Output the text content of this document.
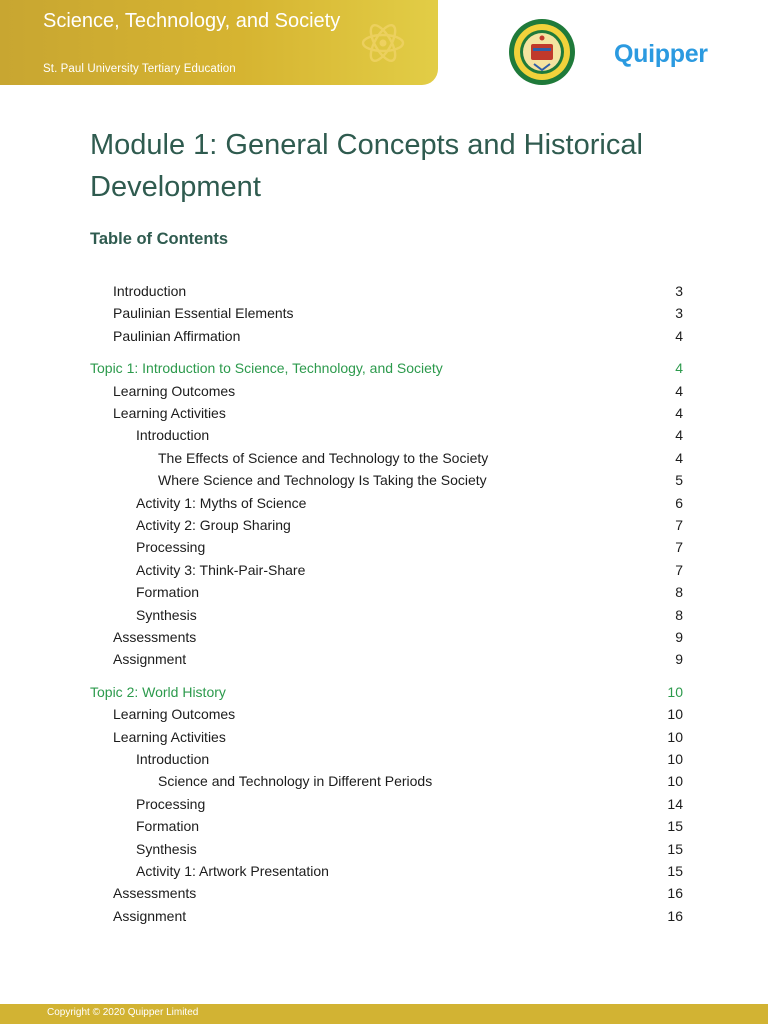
Science, Technology, and Society
St. Paul University Tertiary Education
Quipper
Module 1: General Concepts and Historical Development
Table of Contents
Introduction	3
Paulinian Essential Elements	3
Paulinian Affirmation	4
Topic 1: Introduction to Science, Technology, and Society	4
Learning Outcomes	4
Learning Activities	4
Introduction	4
The Effects of Science and Technology to the Society	4
Where Science and Technology Is Taking the Society	5
Activity 1: Myths of Science	6
Activity 2: Group Sharing	7
Processing	7
Activity 3: Think-Pair-Share	7
Formation	8
Synthesis	8
Assessments	9
Assignment	9
Topic 2: World History	10
Learning Outcomes	10
Learning Activities	10
Introduction	10
Science and Technology in Different Periods	10
Processing	14
Formation	15
Synthesis	15
Activity 1: Artwork Presentation	15
Assessments	16
Assignment	16
Copyright © 2020 Quipper Limited
